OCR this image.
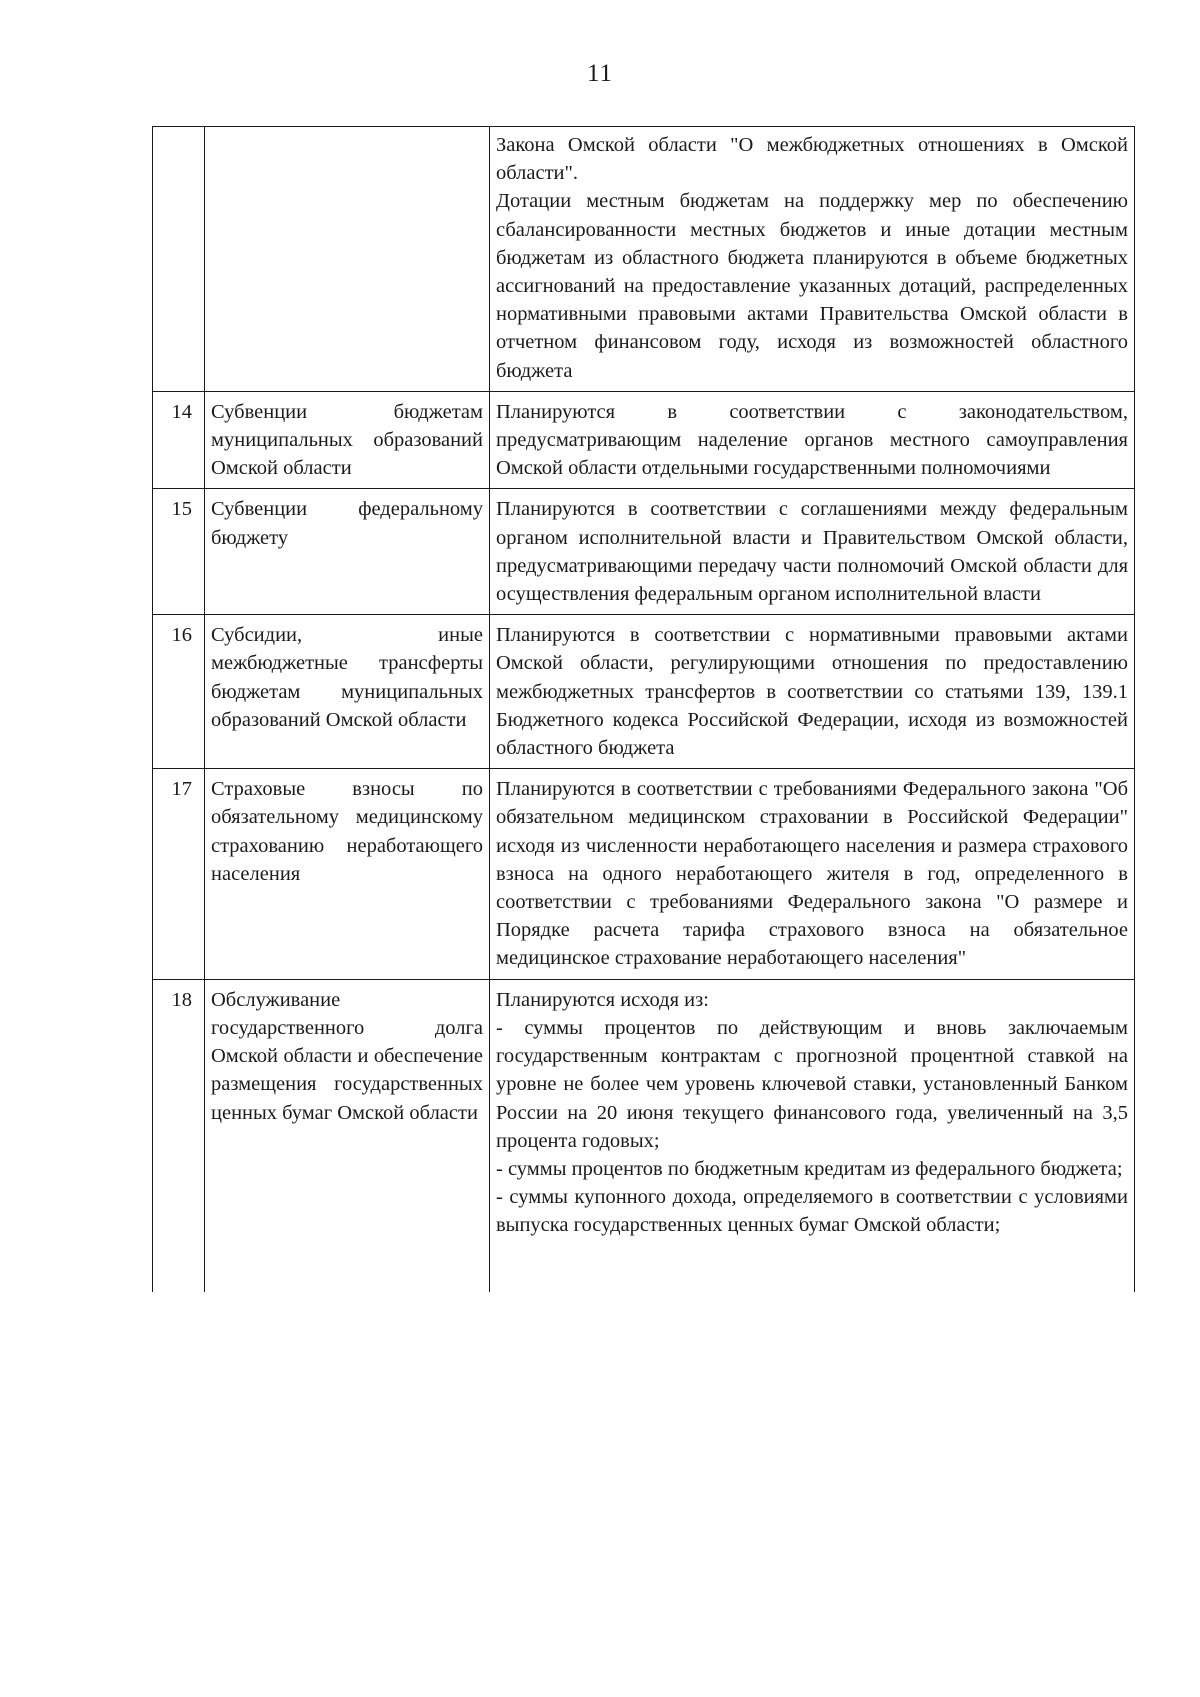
11

		Закона Омской области "О межбюджетных отношениях в Омской области".

Дотации местным бюджетам на поддержку мер по обеспечению сбалансированности местных бюджетов и иные дотации местным бюджетам из областного бюджета планируются в объеме бюджетных ассигнований на предоставление указанных дотаций, распределенных нормативными правовыми актами Правительства Омской области в отчетном финансовом году, исходя из возможностей областного бюджета

14	Субвенции бюджетам муниципальных образований Омской области	Планируются в соответствии с законодательством, предусматривающим наделение органов местного самоуправления Омской области отдельными государственными полномочиями

15	Субвенции федеральному бюджету	Планируются в соответствии с соглашениями между федеральным органом исполнительной власти и Правительством Омской области, предусматривающими передачу части полномочий Омской области для осуществления федеральным органом исполнительной власти

16	Субсидии, иные межбюджетные трансферты бюджетам муниципальных образований Омской области	Планируются в соответствии с нормативными правовыми актами Омской области, регулирующими отношения по предоставлению межбюджетных трансфертов в соответствии со статьями 139, 139.1 Бюджетного кодекса Российской Федерации, исходя из возможностей областного бюджета

17	Страховые взносы по обязательному медицинскому страхованию неработающего населения	Планируются в соответствии с требованиями Федерального закона "Об обязательном медицинском страховании в Российской Федерации" исходя из численности неработающего населения и размера страхового взноса на одного неработающего жителя в год, определенного в соответствии с требованиями Федерального закона "О размере и Порядке расчета тарифа страхового взноса на обязательное медицинское страхование неработающего населения"

18	Обслуживание государственного долга Омской области и обеспечение размещения государственных ценных бумаг Омской области	Планируются исходя из:

- суммы процентов по действующим и вновь заключаемым государственным контрактам с прогнозной процентной ставкой на уровне не более чем уровень ключевой ставки, установленный Банком России на 20 июня текущего финансового года, увеличенный на 3,5 процента годовых;

- суммы процентов по бюджетным кредитам из федерального бюджета;

- суммы купонного дохода, определяемого в соответствии с условиями выпуска государственных ценных бумаг Омской области;
